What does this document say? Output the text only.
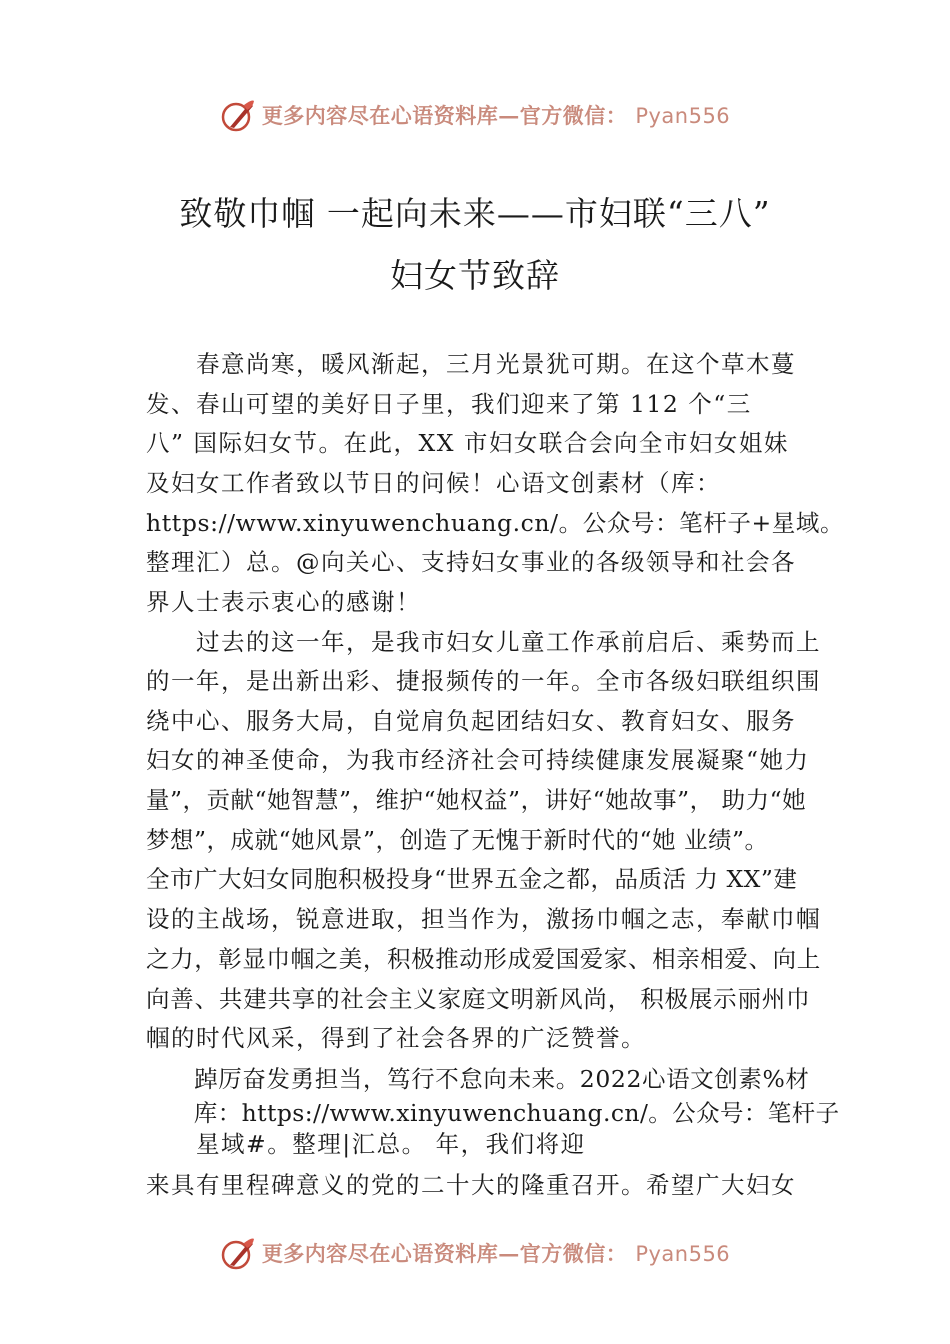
更多内容尽在心语资料库—官方微信： Pyan556
致敬巾帼 一起向未来——市妇联“三八”
妇女节致辞
　　春意尚寒，暖风渐起，三月光景犹可期。在这个草木蔓
发、春山可望的美好日子里，我们迎来了第 112 个“三
八” 国际妇女节。在此，XX 市妇女联合会向全市妇女姐妹
及妇女工作者致以节日的问候！心语文创素材（库：
https://www.xinyuwenchuang.cn/。公众号：笔杆子+星域。
整理汇）总。@向关心、支持妇女事业的各级领导和社会各
界人士表示衷心的感谢！
　　过去的这一年，是我市妇女儿童工作承前启后、乘势而上
的一年，是出新出彩、捷报频传的一年。全市各级妇联组织围
绕中心、服务大局，自觉肩负起团结妇女、教育妇女、服务
妇女的神圣使命，为我市经济社会可持续健康发展凝聚“她力
量”，贡献“她智慧”，维护“她权益”，讲好“她故事”， 助力“她
梦想”，成就“她风景”，创造了无愧于新时代的“她 业绩”。
全市广大妇女同胞积极投身“世界五金之都，品质活 力 XX”建
设的主战场，锐意进取，担当作为，激扬巾帼之志，奉献巾帼
之力，彰显巾帼之美，积极推动形成爱国爱家、相亲相爱、向上
向善、共建共享的社会主义家庭文明新风尚， 积极展示丽州巾
帼的时代风采，得到了社会各界的广泛赞誉。
　　踔厉奋发勇担当，笃行不怠向未来。2022心语文创素%材
　　库：https://www.xinyuwenchuang.cn/。公众号：笔杆子
　　星域#。整理|汇总。 年，我们将迎
来具有里程碑意义的党的二十大的隆重召开。希望广大妇女
更多内容尽在心语资料库—官方微信： Pyan556
